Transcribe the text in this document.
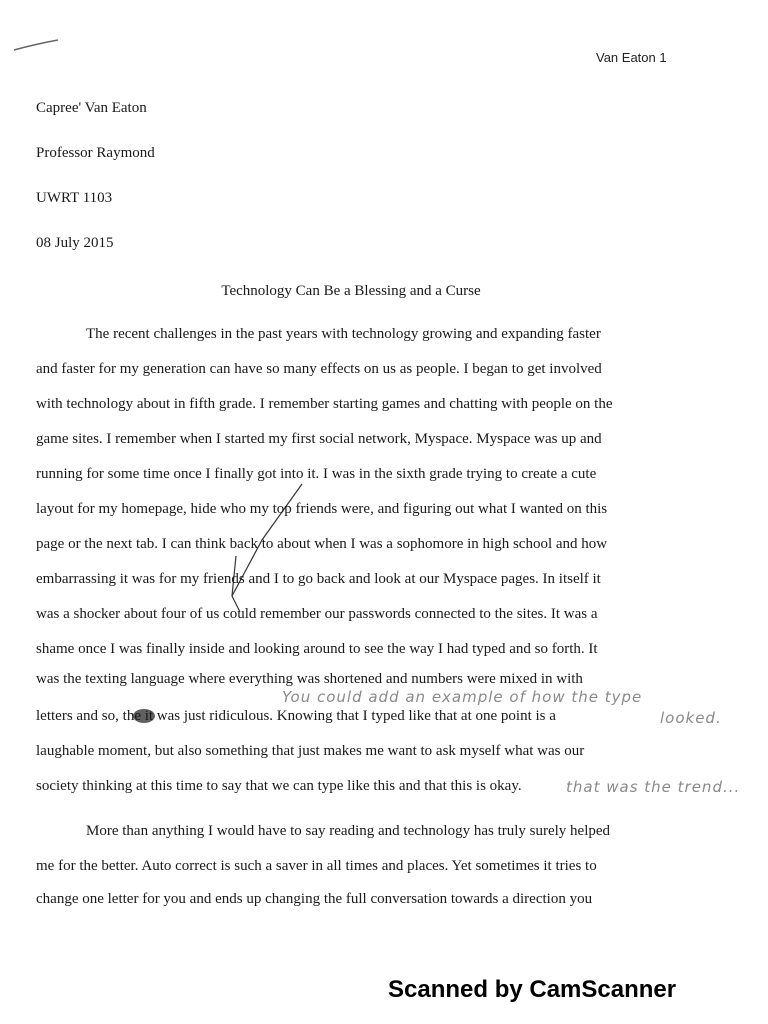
Van Eaton 1
Capree' Van Eaton
Professor Raymond
UWRT 1103
08 July 2015
Technology Can Be a Blessing and a Curse
The recent challenges in the past years with technology growing and expanding faster
and faster for my generation can have so many effects on us as people. I began to get involved
with technology about in fifth grade. I remember starting games and chatting with people on the
game sites. I remember when I started my first social network, Myspace. Myspace was up and
running for some time once I finally got into it. I was in the sixth grade trying to create a cute
layout for my homepage, hide who my top friends were, and figuring out what I wanted on this
page or the next tab. I can think back to about when I was a sophomore in high school and how
embarrassing it was for my friends and I to go back and look at our Myspace pages. In itself it
was a shocker about four of us could remember our passwords connected to the sites. It was a
shame once I was finally inside and looking around to see the way I had typed and so forth. It
was the texting language where everything was shortened and numbers were mixed in with
letters and so, the it was just ridiculous. Knowing that I typed like that at one point is a
laughable moment, but also something that just makes me want to ask myself what was our
society thinking at this time to say that we can type like this and that this is okay.
More than anything I would have to say reading and technology has truly surely helped
me for the better. Auto correct is such a saver in all times and places. Yet sometimes it tries to
change one letter for you and ends up changing the full conversation towards a direction you
You could add an example of how the type
looked.
that was the trend...
Scanned by CamScanner
